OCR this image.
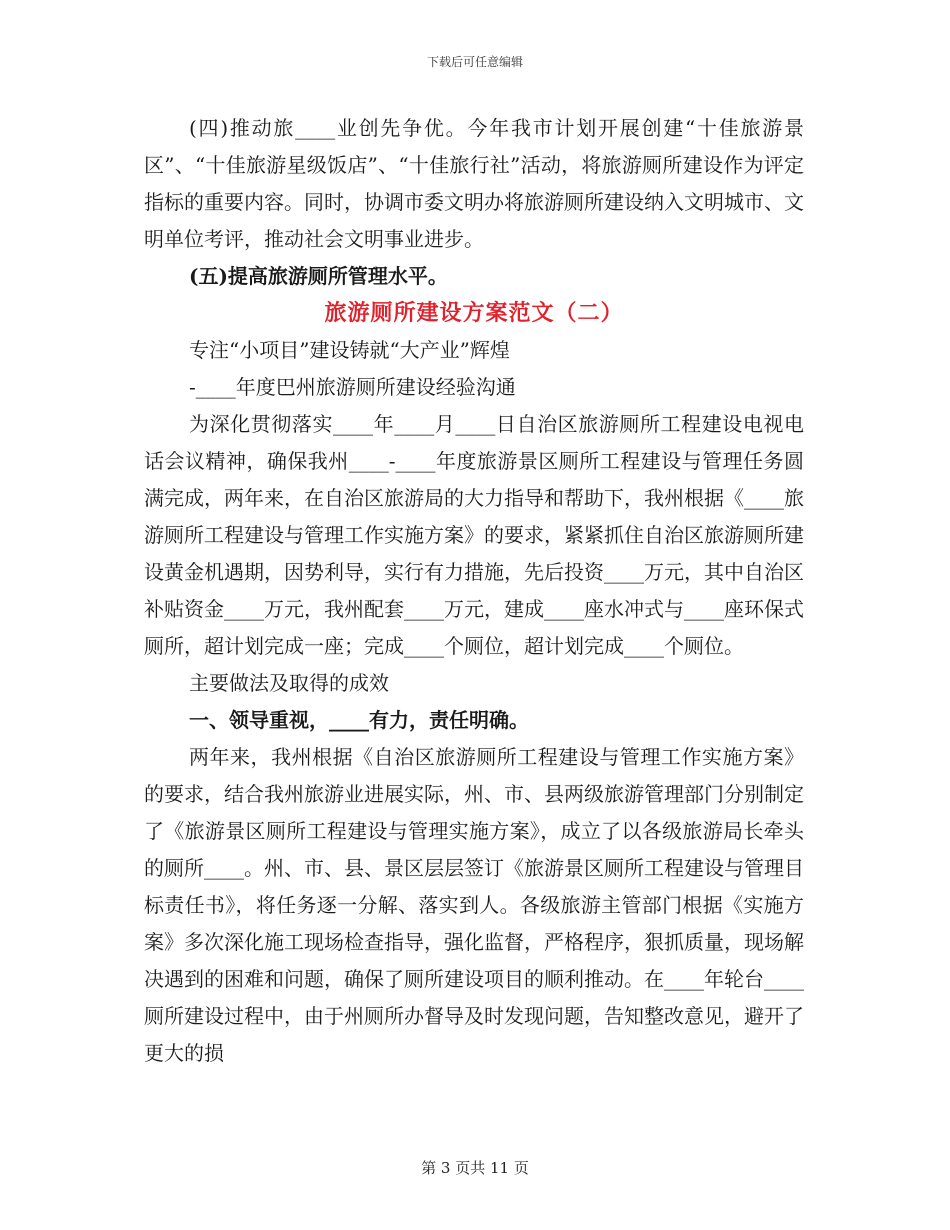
下载后可任意编辑

(四)推动旅____业创先争优。今年我市计划开展创建“十佳旅游景区”、“十佳旅游星级饭店”、“十佳旅行社”活动，将旅游厕所建设作为评定指标的重要内容。同时，协调市委文明办将旅游厕所建设纳入文明城市、文明单位考评，推动社会文明事业进步。

(五)提高旅游厕所管理水平。

旅游厕所建设方案范文（二）

专注“小项目”建设铸就“大产业”辉煌

-____年度巴州旅游厕所建设经验沟通

为深化贯彻落实____年____月____日自治区旅游厕所工程建设电视电话会议精神，确保我州____-____年度旅游景区厕所工程建设与管理任务圆满完成，两年来，在自治区旅游局的大力指导和帮助下，我州根据《____旅游厕所工程建设与管理工作实施方案》的要求，紧紧抓住自治区旅游厕所建设黄金机遇期，因势利导，实行有力措施，先后投资____万元，其中自治区补贴资金____万元，我州配套____万元，建成____座水冲式与____座环保式厕所，超计划完成一座；完成____个厕位，超计划完成____个厕位。

主要做法及取得的成效

一、领导重视，____有力，责任明确。

两年来，我州根据《自治区旅游厕所工程建设与管理工作实施方案》的要求，结合我州旅游业进展实际，州、市、县两级旅游管理部门分别制定了《旅游景区厕所工程建设与管理实施方案》，成立了以各级旅游局长牵头的厕所____。州、市、县、景区层层签订《旅游景区厕所工程建设与管理目标责任书》，将任务逐一分解、落实到人。各级旅游主管部门根据《实施方案》多次深化施工现场检查指导，强化监督，严格程序，狠抓质量，现场解决遇到的困难和问题，确保了厕所建设项目的顺利推动。在____年轮台____厕所建设过程中，由于州厕所办督导及时发现问题，告知整改意见，避开了更大的损

第 3 页共 11 页
